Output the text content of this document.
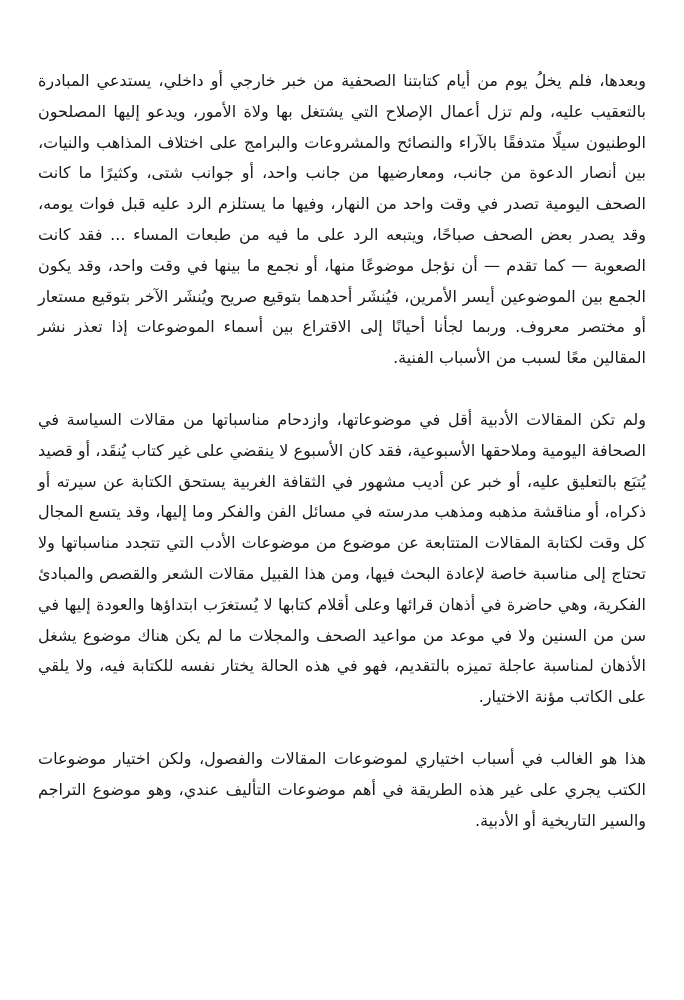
وبعدها، فلم يخلُ يوم من أيام كتابتنا الصحفية من خبر خارجي أو داخلي، يستدعي المبادرة بالتعقيب عليه، ولم تزل أعمال الإصلاح التي يشتغل بها ولاة الأمور، ويدعو إليها المصلحون الوطنيون سيلًا متدفقًا بالآراء والنصائح والمشروعات والبرامج على اختلاف المذاهب والنيات، بين أنصار الدعوة من جانب، ومعارضيها من جانب واحد، أو جوانب شتى، وكثيرًا ما كانت الصحف اليومية تصدر في وقت واحد من النهار، وفيها ما يستلزم الرد عليه قبل فوات يومه، وقد يصدر بعض الصحف صباحًا، ويتبعه الرد على ما فيه من طبعات المساء ... فقد كانت الصعوبة — كما تقدم — أن نؤجل موضوعًا منها، أو نجمع ما بينها في وقت واحد، وقد يكون الجمع بين الموضوعين أيسر الأمرين، فيُنشَر أحدهما بتوقيع صريح ويُنشَر الآخر بتوقيع مستعار أو مختصر معروف. وربما لجأنا أحيانًا إلى الاقتراع بين أسماء الموضوعات إذا تعذر نشر المقالين معًا لسبب من الأسباب الفنية.

ولم تكن المقالات الأدبية أقل في موضوعاتها، وازدحام مناسباتها من مقالات السياسة في الصحافة اليومية وملاحقها الأسبوعية، فقد كان الأسبوع لا ينقضي على غير كتاب يُنقَد، أو قصيد يُتبَع بالتعليق عليه، أو خبر عن أديب مشهور في الثقافة الغربية يستحق الكتابة عن سيرته أو ذكراه، أو مناقشة مذهبه ومذهب مدرسته في مسائل الفن والفكر وما إليها، وقد يتسع المجال كل وقت لكتابة المقالات المتتابعة عن موضوع من موضوعات الأدب التي تتجدد مناسباتها ولا تحتاج إلى مناسبة خاصة لإعادة البحث فيها، ومن هذا القبيل مقالات الشعر والقصص والمبادئ الفكرية، وهي حاضرة في أذهان قرائها وعلى أقلام كتابها لا يُستغرَب ابتداؤها والعودة إليها في سن من السنين ولا في موعد من مواعيد الصحف والمجلات ما لم يكن هناك موضوع يشغل الأذهان لمناسبة عاجلة تميزه بالتقديم، فهو في هذه الحالة يختار نفسه للكتابة فيه، ولا يلقي على الكاتب مؤنة الاختيار.

هذا هو الغالب في أسباب اختياري لموضوعات المقالات والفصول، ولكن اختيار موضوعات الكتب يجري على غير هذه الطريقة في أهم موضوعات التأليف عندي، وهو موضوع التراجم والسير التاريخية أو الأدبية.
